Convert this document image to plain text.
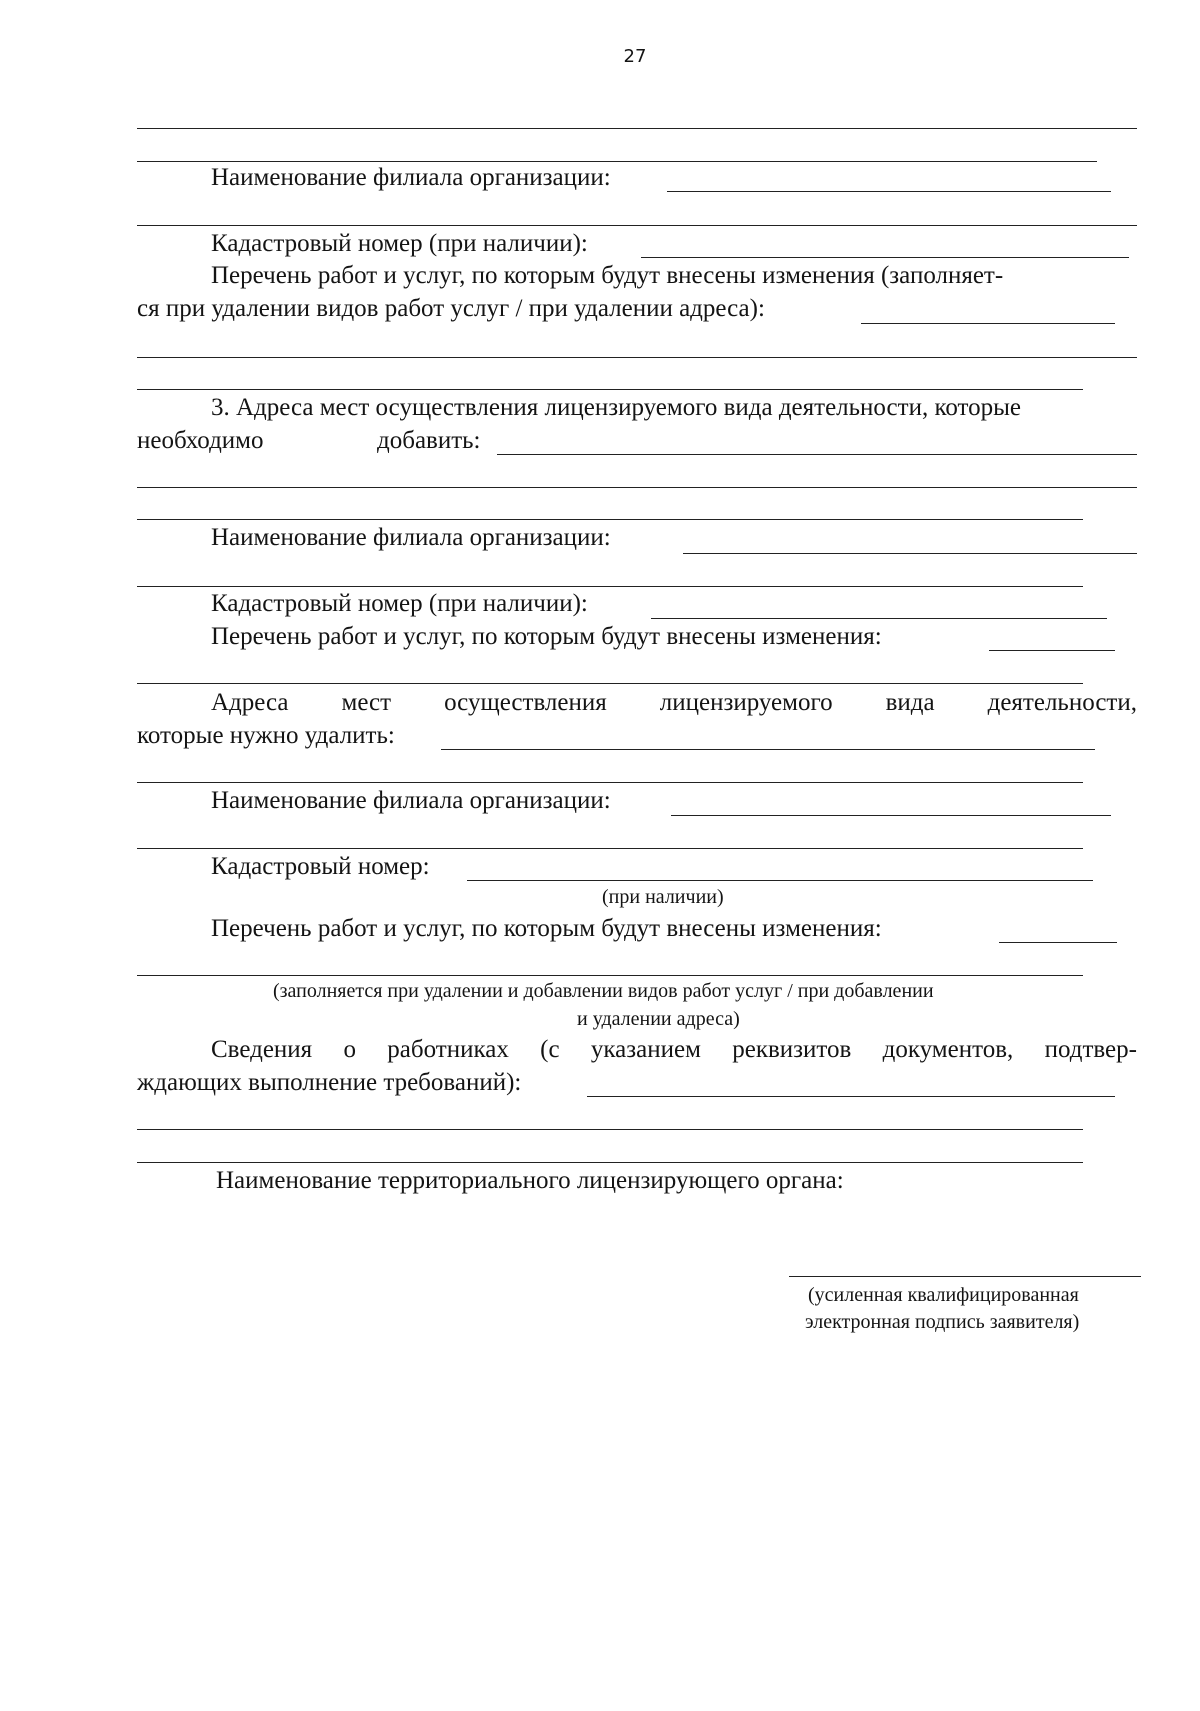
27
Наименование филиала организации:
Кадастровый номер (при наличии):
Перечень работ и услуг, по которым будут внесены изменения (заполняет-
ся при удалении видов работ услуг / при удалении адреса):
3. Адреса мест осуществления лицензируемого вида деятельности, которые
необходимо	добавить:
Наименование филиала организации:
Кадастровый номер (при наличии):
Перечень работ и услуг, по которым будут внесены изменения:
Адреса мест осуществления лицензируемого вида деятельности,
которые нужно удалить:
Наименование филиала организации:
Кадастровый номер:
(при наличии)
Перечень работ и услуг, по которым будут внесены изменения:
(заполняется при удалении и добавлении видов работ услуг / при добавлении
и удалении адреса)
Сведения о работниках (с указанием реквизитов документов, подтвер-
ждающих выполнение требований):
Наименование территориального лицензирующего органа:
(усиленная квалифицированная
электронная подпись заявителя)
